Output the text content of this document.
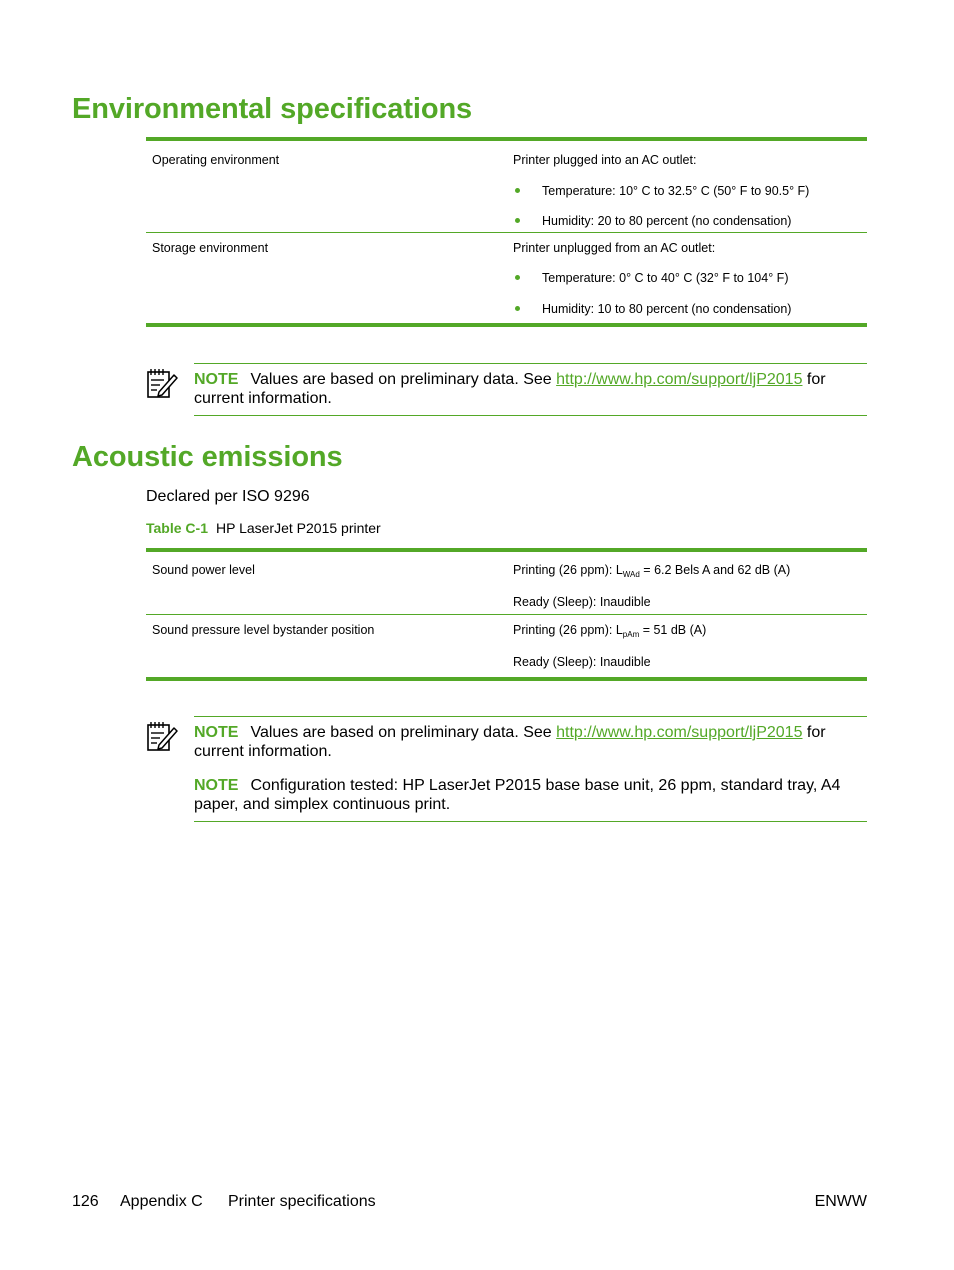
Environmental specifications
Operating environment	Printer plugged into an AC outlet:
Temperature: 10° C to 32.5° C (50° F to 90.5° F)
Humidity: 20 to 80 percent (no condensation)
Storage environment	Printer unplugged from an AC outlet:
Temperature: 0° C to 40° C (32° F to 104° F)
Humidity: 10 to 80 percent (no condensation)
NOTE Values are based on preliminary data. See http://www.hp.com/support/ljP2015 for current information.
Acoustic emissions
Declared per ISO 9296
Table C-1 HP LaserJet P2015 printer
Sound power level	Printing (26 ppm): $L_{WAd} = 6.2$ Bels A and 62 dB (A)
Ready (Sleep): Inaudible
Sound pressure level bystander position	Printing (26 ppm): $L_{pAm} = 51$ dB (A)
Ready (Sleep): Inaudible
NOTE Values are based on preliminary data. See http://www.hp.com/support/ljP2015 for current information.
NOTE Configuration tested: HP LaserJet P2015 base base unit, 26 ppm, standard tray, A4 paper, and simplex continuous print.
126 Appendix C Printer specifications	ENWW
